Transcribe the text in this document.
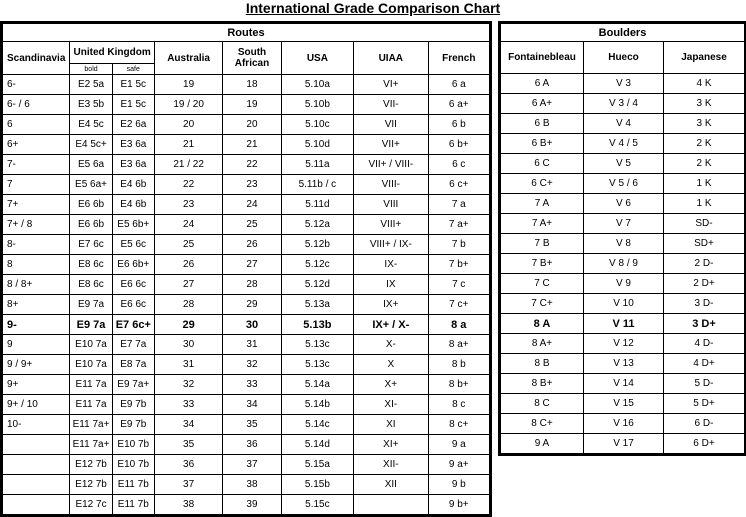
International Grade Comparison Chart
Routes							
Scandinavia	United Kingdom		Australia	South African	USA	UIAA	French
	bold	safe					
6-	E2 5a	E1 5c	19	18	5.10a	VI+	6 a
6- / 6	E3 5b	E1 5c	19 / 20	19	5.10b	VII-	6 a+
6	E4 5c	E2 6a	20	20	5.10c	VII	6 b
6+	E4 5c+	E3 6a	21	21	5.10d	VII+	6 b+
7-	E5 6a	E3 6a	21 / 22	22	5.11a	VII+ / VIII-	6 c
7	E5 6a+	E4 6b	22	23	5.11b / c	VIII-	6 c+
7+	E6 6b	E4 6b	23	24	5.11d	VIII	7 a
7+ / 8	E6 6b	E5 6b+	24	25	5.12a	VIII+	7 a+
8-	E7 6c	E5 6c	25	26	5.12b	VIII+ / IX-	7 b
8	E8 6c	E6 6b+	26	27	5.12c	IX-	7 b+
8 / 8+	E8 6c	E6 6c	27	28	5.12d	IX	7 c
8+	E9 7a	E6 6c	28	29	5.13a	IX+	7 c+
9-	E9 7a	E7 6c+	29	30	5.13b	IX+ / X-	8 a
9	E10 7a	E7 7a	30	31	5.13c	X-	8 a+
9 / 9+	E10 7a	E8 7a	31	32	5.13c	X	8 b
9+	E11 7a	E9 7a+	32	33	5.14a	X+	8 b+
9+ / 10	E11 7a	E9 7b	33	34	5.14b	XI-	8 c
10-	E11 7a+	E9 7b	34	35	5.14c	XI	8 c+
	E11 7a+	E10 7b	35	36	5.14d	XI+	9 a
	E12 7b	E10 7b	36	37	5.15a	XII-	9 a+
	E12 7b	E11 7b	37	38	5.15b	XII	9 b
	E12 7c	E11 7b	38	39	5.15c		9 b+
Boulders		
Fontainebleau	Hueco	Japanese
6 A	V 3	4 K
6 A+	V 3 / 4	3 K
6 B	V 4	3 K
6 B+	V 4 / 5	2 K
6 C	V 5	2 K
6 C+	V 5 / 6	1 K
7 A	V 6	1 K
7 A+	V 7	SD-
7 B	V 8	SD+
7 B+	V 8 / 9	2 D-
7 C	V 9	2 D+
7 C+	V 10	3 D-
8 A	V 11	3 D+
8 A+	V 12	4 D-
8 B	V 13	4 D+
8 B+	V 14	5 D-
8 C	V 15	5 D+
8 C+	V 16	6 D-
9 A	V 17	6 D+
